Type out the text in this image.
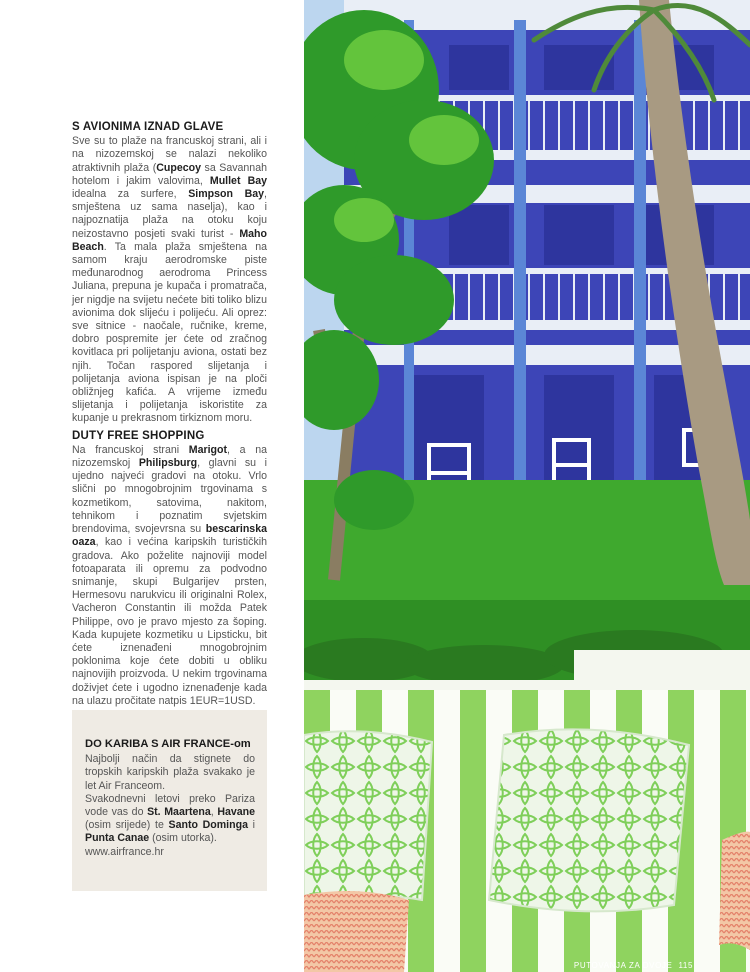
S AVIONIMA IZNAD GLAVE

Sve su to plaže na francuskoj strani, ali i na nizozemskoj se nalazi nekoliko atraktivnih plaža (Cupecoy sa Savannah hotelom i jakim valovima, Mullet Bay idealna za surfere, Simpson Bay, smještena uz sama naselja), kao i najpoznatija plaža na otoku koju neizostavno posjeti svaki turist - Maho Beach. Ta mala plaža smještena na samom kraju aerodromske piste međunarodnog aerodroma Princess Juliana, prepuna je kupača i promatrača, jer nigdje na svijetu nećete biti toliko blizu avionima dok slijeću i polijeću. Ali oprez: sve sitnice - naočale, ručnike, kreme, dobro pospremite jer ćete od zračnog kovitlaca pri polijetanju aviona, ostati bez njih. Točan raspored slijetanja i polijetanja aviona ispisan je na ploči obližnjeg kafića. A vrijeme između slijetanja i polijetanja iskoristite za kupanje u prekrasnom tirkiznom moru.

DUTY FREE SHOPPING

Na francuskoj strani Marigot, a na nizozemskoj Philipsburg, glavni su i ujedno najveći gradovi na otoku. Vrlo slični po mnogobrojnim trgovinama s kozmetikom, satovima, nakitom, tehnikom i poznatim svjetskim brendovima, svojevrsna su bescarinska oaza, kao i većina karipskih turističkih gradova. Ako poželite najnoviji model fotoaparata ili opremu za podvodno snimanje, skupi Bulgarijev prsten, Hermesovu narukvicu ili originalni Rolex, Vacheron Constantin ili možda Patek Philippe, ovo je pravo mjesto za šoping. Kada kupujete kozmetiku u Lipsticku, bit ćete iznenađeni mnogobrojnim poklonima koje ćete dobiti u obliku najnovijih proizvoda. U nekim trgovinama doživjet ćete i ugodno iznenađenje kada na ulazu pročitate natpis 1EUR=1USD.

DO KARIBA S AIR FRANCE-om

Najbolji način da stignete do tropskih karipskih plaža svakako je let Air Franceom.

Svakodnevni letovi preko Pariza vode vas do St. Maartena, Havane (osim srijede) te Santo Dominga i Punta Canae (osim utorka).

www.airfrance.hr

PUTOVANJA ZA DVOJE 115
